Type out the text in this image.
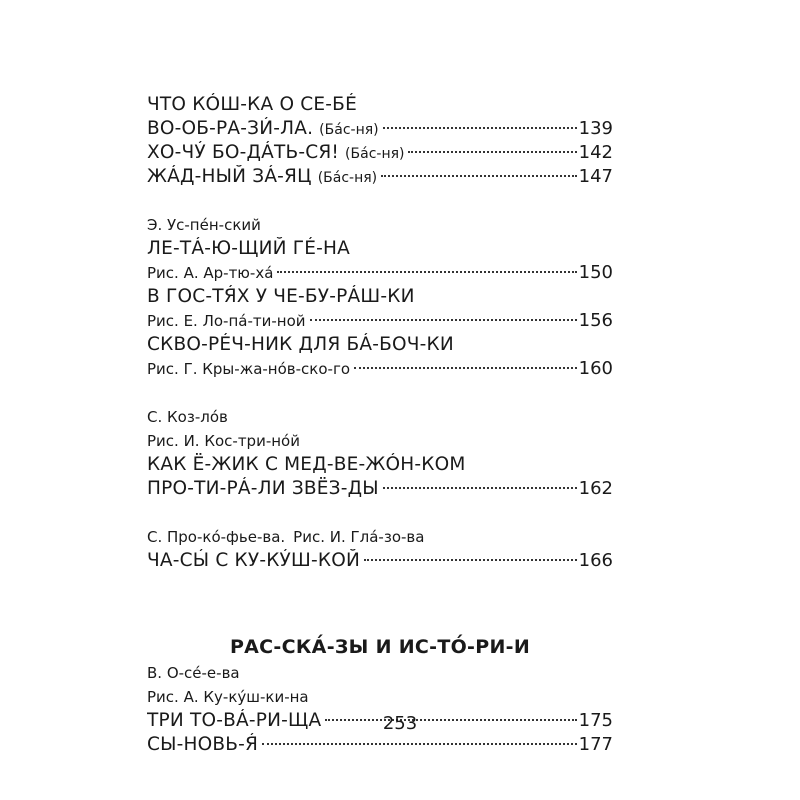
ЧТО КО́Ш-КА О СЕ-БЕ́
ВО-ОБ-РА-ЗИ́-ЛА. (Ба́с-ня)	139
ХО-ЧУ́ БО-ДА́ТЬ-СЯ! (Ба́с-ня)	142
ЖА́Д-НЫЙ ЗА́-ЯЦ (Ба́с-ня)	147
Э. Ус-пе́н-ский
ЛЕ-ТА́-Ю-ЩИЙ ГЕ́-НА
Рис. А. Ар-тю-ха́	150
В ГОС-ТЯ́Х У ЧЕ-БУ-РА́Ш-КИ
Рис. Е. Ло-па́-ти-ной	156
СКВО-РЕ́Ч-НИК ДЛЯ БА́-БОЧ-КИ
Рис. Г. Кры-жа-но́в-ско-го	160
С. Коз-ло́в
Рис. И. Кос-три-но́й
КАК Ё-ЖИК С МЕД-ВЕ-ЖО́Н-КОМ
ПРО-ТИ-РА́-ЛИ ЗВЁЗ-ДЫ	162
С. Про-ко́-фье-ва. Рис. И. Гла́-зо-ва
ЧА-СЫ́ С КУ-КУ́Ш-КОЙ	166
РАС-СКА́-ЗЫ И ИС-ТО́-РИ-И
В. О-се́-е-ва
Рис. А. Ку-ку́ш-ки-на
ТРИ ТО-ВА́-РИ-ЩА	175
СЫ-НОВЬ-Я́	177
253
